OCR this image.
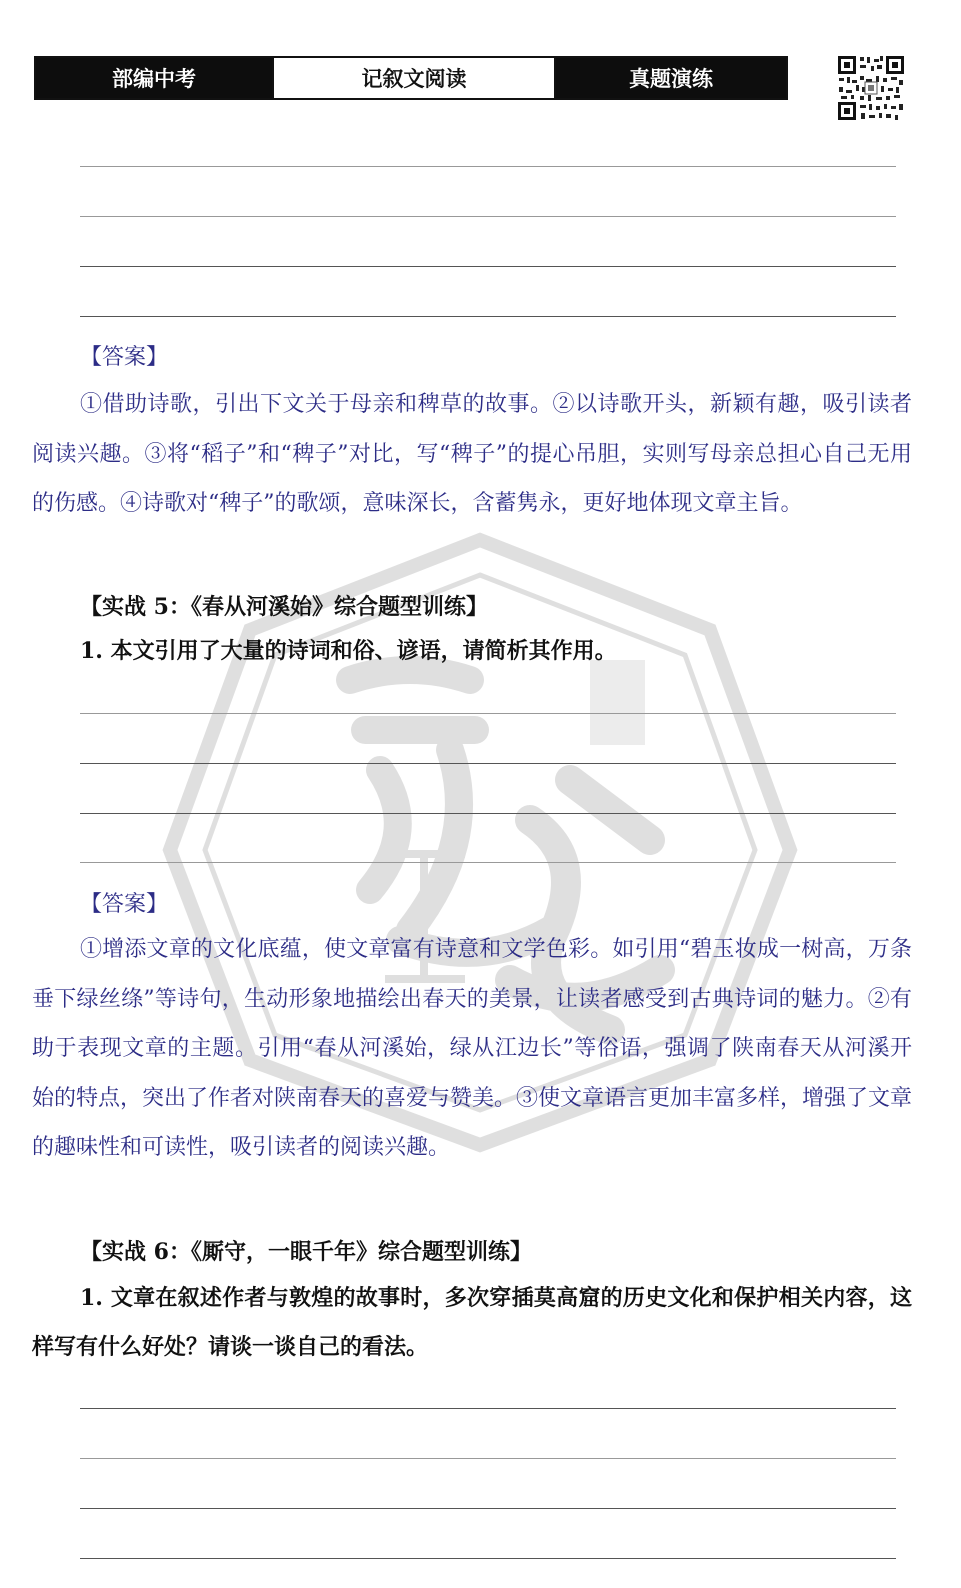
部编中考	记叙文阅读	真题演练
【答案】
①借助诗歌，引出下文关于母亲和稗草的故事。②以诗歌开头，新颖有趣，吸引读者阅读兴趣。③将“稻子”和“稗子”对比，写“稗子”的提心吊胆，实则写母亲总担心自己无用的伤感。④诗歌对“稗子”的歌颂，意味深长，含蓄隽永，更好地体现文章主旨。
【实战 5：《春从河溪始》综合题型训练】
1. 本文引用了大量的诗词和俗、谚语，请简析其作用。
【答案】
①增添文章的文化底蕴，使文章富有诗意和文学色彩。如引用“碧玉妆成一树高，万条垂下绿丝绦”等诗句，生动形象地描绘出春天的美景，让读者感受到古典诗词的魅力。②有助于表现文章的主题。引用“春从河溪始，绿从江边长”等俗语，强调了陕南春天从河溪开始的特点，突出了作者对陕南春天的喜爱与赞美。③使文章语言更加丰富多样，增强了文章的趣味性和可读性，吸引读者的阅读兴趣。
【实战 6：《厮守，一眼千年》综合题型训练】
1. 文章在叙述作者与敦煌的故事时，多次穿插莫高窟的历史文化和保护相关内容，这样写有什么好处？请谈一谈自己的看法。
